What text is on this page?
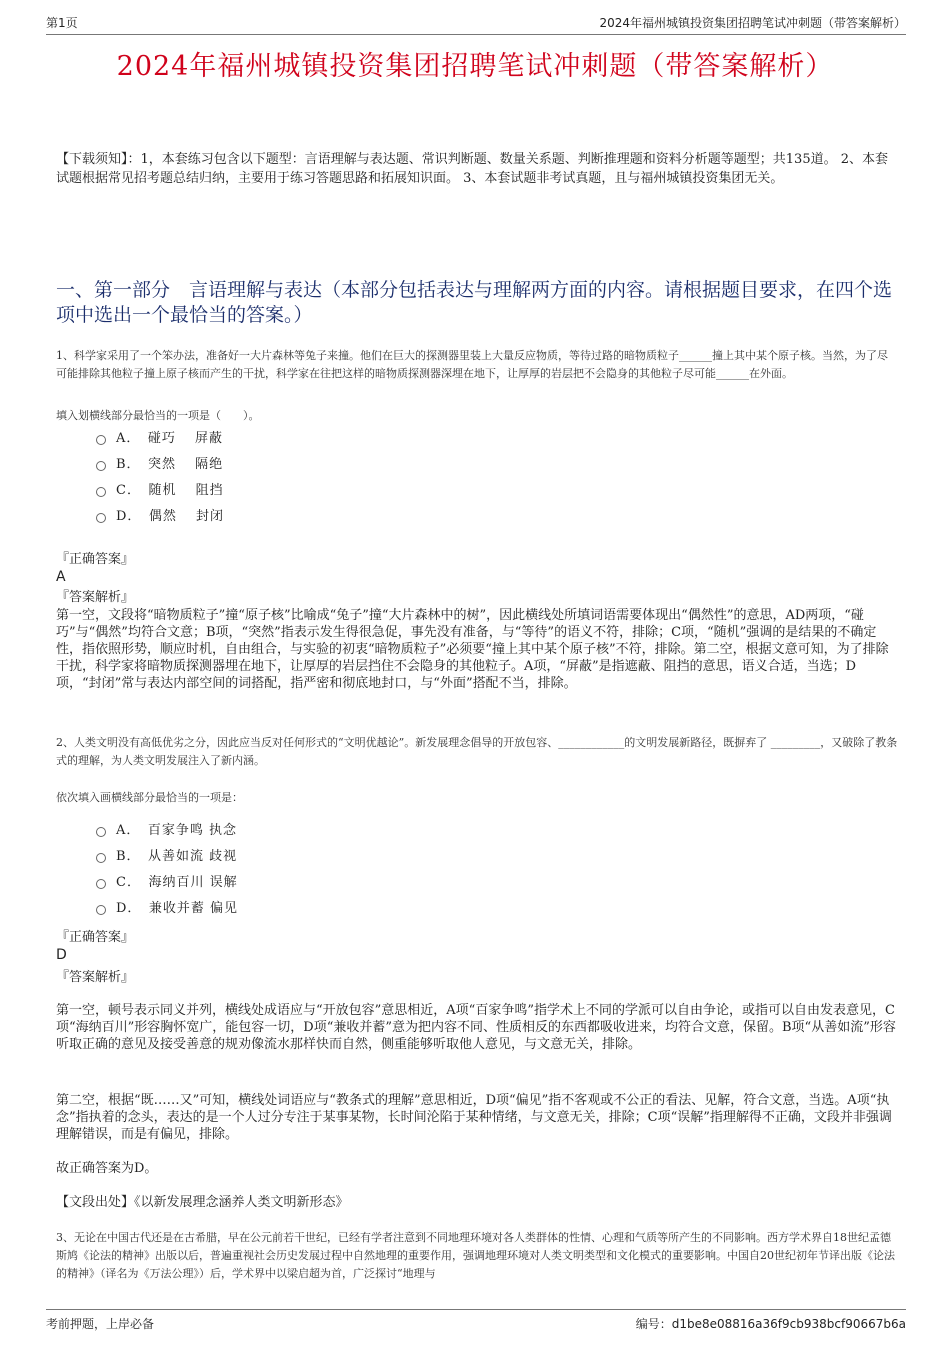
第1页	2024年福州城镇投资集团招聘笔试冲刺题（带答案解析）
2024年福州城镇投资集团招聘笔试冲刺题（带答案解析）
【下载须知】：1，本套练习包含以下题型：言语理解与表达题、常识判断题、数量关系题、判断推理题和资料分析题等题型；共135道。 2、本套试题根据常见招考题总结归纳，主要用于练习答题思路和拓展知识面。 3、本套试题非考试真题，且与福州城镇投资集团无关。
一、第一部分　言语理解与表达（本部分包括表达与理解两方面的内容。请根据题目要求，在四个选项中选出一个最恰当的答案。）
1、科学家采用了一个笨办法，准备好一大片森林等兔子来撞。他们在巨大的探测器里装上大量反应物质，等待过路的暗物质粒子______撞上其中某个原子核。当然，为了尽可能排除其他粒子撞上原子核而产生的干扰，科学家在往把这样的暗物质探测器深埋在地下，让厚厚的岩层把不会隐身的其他粒子尽可能______在外面。
填入划横线部分最恰当的一项是（　　）。
A．　碰巧　 屏蔽
B．　突然　 隔绝
C．　随机　 阻挡
D．　偶然　 封闭
『正确答案』
A
『答案解析』
第一空，文段将“暗物质粒子”撞“原子核”比喻成“兔子”撞“大片森林中的树”，因此横线处所填词语需要体现出“偶然性”的意思，AD两项，“碰巧”与“偶然”均符合文意；B项，“突然”指表示发生得很急促，事先没有准备，与“等待”的语义不符，排除；C项，“随机”强调的是结果的不确定性，指依照形势，顺应时机，自由组合，与实验的初衷“暗物质粒子”必须要“撞上其中某个原子核”不符，排除。第二空，根据文意可知，为了排除干扰，科学家将暗物质探测器埋在地下，让厚厚的岩层挡住不会隐身的其他粒子。A项，“屏蔽”是指遮蔽、阻挡的意思，语义合适，当选；D项，“封闭”常与表达内部空间的词搭配，指严密和彻底地封口，与“外面”搭配不当，排除。
2、人类文明没有高低优劣之分，因此应当反对任何形式的“文明优越论”。新发展理念倡导的开放包容、____________的文明发展新路径，既摒弃了 _________，又破除了教条式的理解，为人类文明发展注入了新内涵。
依次填入画横线部分最恰当的一项是：
A．　百家争鸣 执念
B．　从善如流 歧视
C．　海纳百川 误解
D．　兼收并蓄 偏见
『正确答案』
D
『答案解析』
第一空，顿号表示同义并列，横线处成语应与“开放包容”意思相近，A项“百家争鸣”指学术上不同的学派可以自由争论，或指可以自由发表意见，C项“海纳百川”形容胸怀宽广，能包容一切，D项“兼收并蓄”意为把内容不同、性质相反的东西都吸收进来，均符合文意，保留。B项“从善如流”形容听取正确的意见及接受善意的规劝像流水那样快而自然，侧重能够听取他人意见，与文意无关，排除。
第二空，根据“既……又”可知，横线处词语应与“教条式的理解”意思相近，D项“偏见”指不客观或不公正的看法、见解，符合文意，当选。A项“执念”指执着的念头，表达的是一个人过分专注于某事某物，长时间沦陷于某种情绪，与文意无关，排除；C项“误解”指理解得不正确，文段并非强调理解错误，而是有偏见，排除。
故正确答案为D。
【文段出处】《以新发展理念涵养人类文明新形态》
3、无论在中国古代还是在古希腊，早在公元前若干世纪，已经有学者注意到不同地理环境对各人类群体的性情、心理和气质等所产生的不同影响。西方学术界自18世纪孟德斯鸠《论法的精神》出版以后，普遍重视社会历史发展过程中自然地理的重要作用，强调地理环境对人类文明类型和文化模式的重要影响。中国自20世纪初年节译出版《论法的精神》（译名为《万法公理》）后，学术界中以梁启超为首，广泛探讨“地理与
考前押题，上岸必备	编号：d1be8e08816a36f9cb938bcf90667b6a
